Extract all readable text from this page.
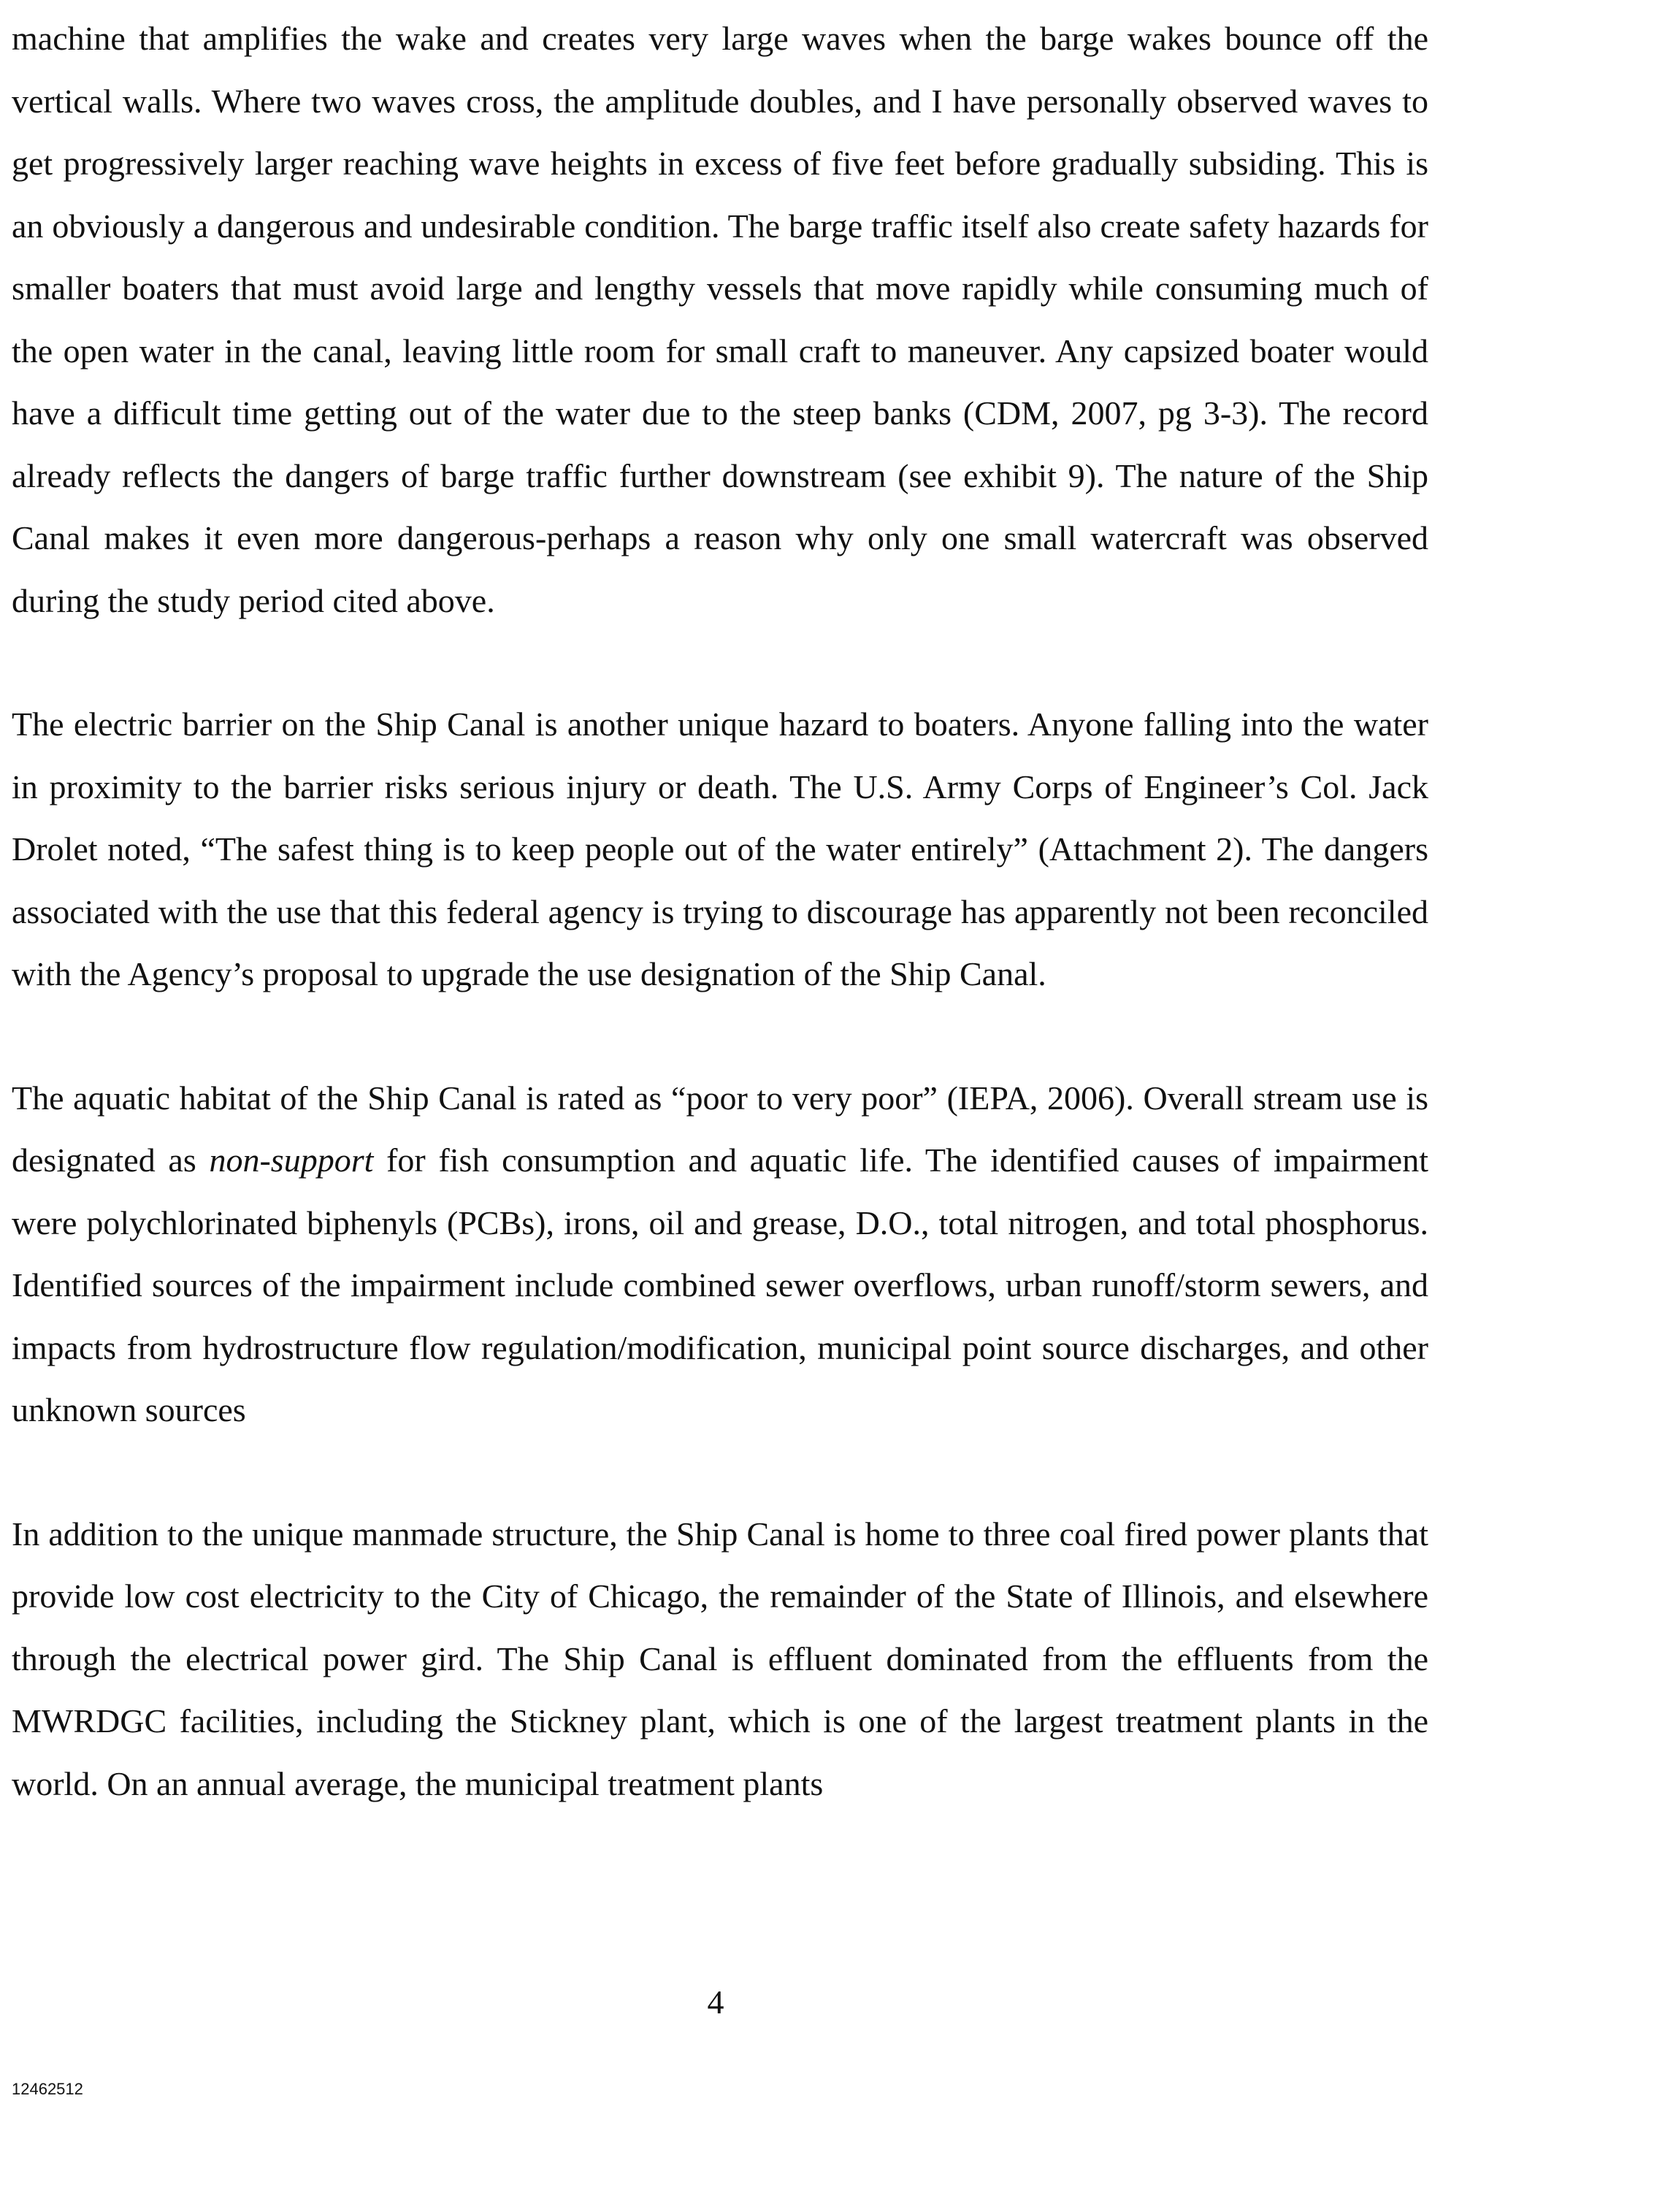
machine that amplifies the wake and creates very large waves when the barge wakes bounce off the vertical walls. Where two waves cross, the amplitude doubles, and I have personally observed waves to get progressively larger reaching wave heights in excess of five feet before gradually subsiding. This is an obviously a dangerous and undesirable condition. The barge traffic itself also create safety hazards for smaller boaters that must avoid large and lengthy vessels that move rapidly while consuming much of the open water in the canal, leaving little room for small craft to maneuver. Any capsized boater would have a difficult time getting out of the water due to the steep banks (CDM, 2007, pg 3-3). The record already reflects the dangers of barge traffic further downstream (see exhibit 9). The nature of the Ship Canal makes it even more dangerous-perhaps a reason why only one small watercraft was observed during the study period cited above.

The electric barrier on the Ship Canal is another unique hazard to boaters. Anyone falling into the water in proximity to the barrier risks serious injury or death. The U.S. Army Corps of Engineer’s Col. Jack Drolet noted, “The safest thing is to keep people out of the water entirely” (Attachment 2). The dangers associated with the use that this federal agency is trying to discourage has apparently not been reconciled with the Agency’s proposal to upgrade the use designation of the Ship Canal.

The aquatic habitat of the Ship Canal is rated as “poor to very poor” (IEPA, 2006). Overall stream use is designated as non-support for fish consumption and aquatic life. The identified causes of impairment were polychlorinated biphenyls (PCBs), irons, oil and grease, D.O., total nitrogen, and total phosphorus. Identified sources of the impairment include combined sewer overflows, urban runoff/storm sewers, and impacts from hydrostructure flow regulation/modification, municipal point source discharges, and other unknown sources

In addition to the unique manmade structure, the Ship Canal is home to three coal fired power plants that provide low cost electricity to the City of Chicago, the remainder of the State of Illinois, and elsewhere through the electrical power gird. The Ship Canal is effluent dominated from the effluents from the MWRDGC facilities, including the Stickney plant, which is one of the largest treatment plants in the world. On an annual average, the municipal treatment plants

4
12462512
